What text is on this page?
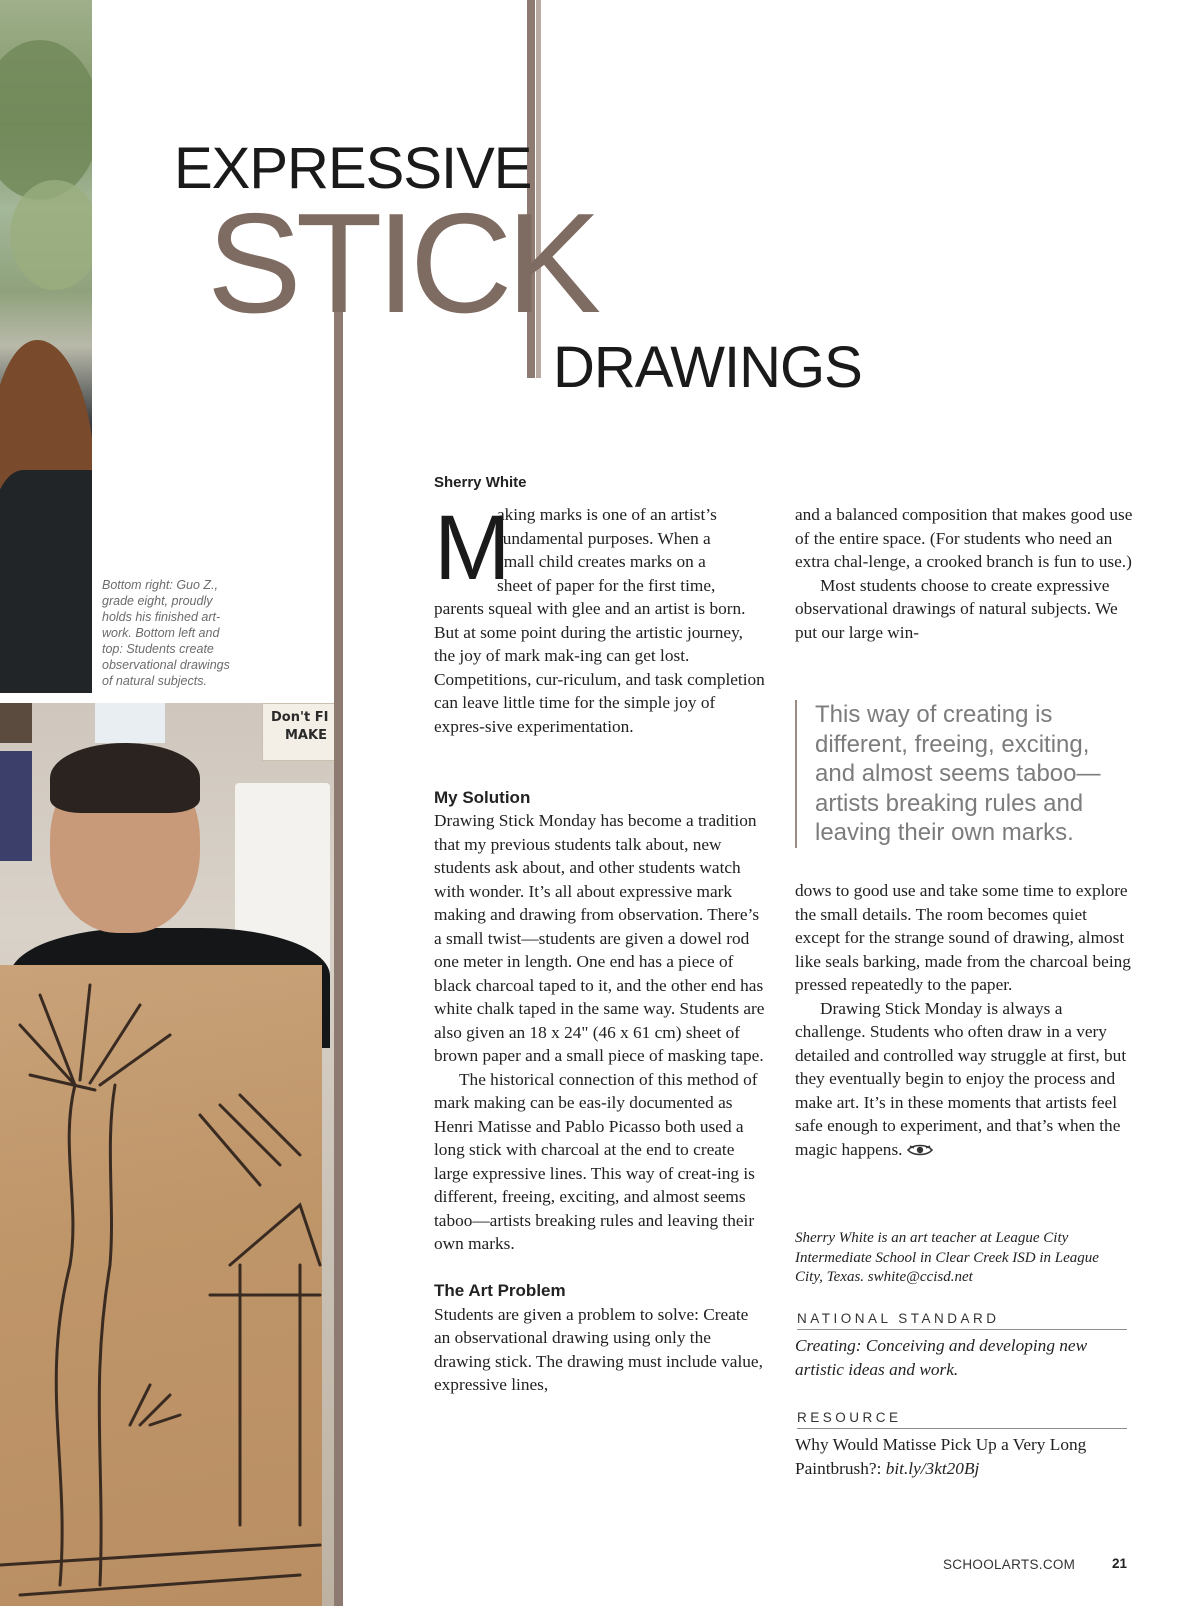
Don't FI
MAKE
EXPRESSIVE
STICK
DRAWINGS
Bottom right: Guo Z., grade eight, proudly holds his finished art-work. Bottom left and top: Students create observational drawings of natural subjects.
Sherry White
M

aking marks is one of an artist’s

fundamental purposes. When a

small child creates marks on a

sheet of paper for the first time,

parents squeal with glee and an artist is born. But at some point during the artistic journey, the joy of mark mak-ing can get lost. Competitions, cur-riculum, and task completion can leave little time for the simple joy of expres-sive experimentation.

My Solution

Drawing Stick Monday has become a tradition that my previous students talk about, new students ask about, and other students watch with wonder. It’s all about expressive mark making and drawing from observation. There’s a small twist—students are given a dowel rod one meter in length. One end has a piece of black charcoal taped to it, and the other end has white chalk taped in the same way. Students are also given an 18 x 24" (46 x 61 cm) sheet of brown paper and a small piece of masking tape.

The historical connection of this method of mark making can be eas-ily documented as Henri Matisse and Pablo Picasso both used a long stick with charcoal at the end to create large expressive lines. This way of creat-ing is different, freeing, exciting, and almost seems taboo—artists breaking rules and leaving their own marks.

The Art Problem

Students are given a problem to solve: Create an observational drawing using only the drawing stick. The drawing must include value, expressive lines,

and a balanced composition that makes good use of the entire space. (For students who need an extra chal-lenge, a crooked branch is fun to use.)

Most students choose to create expressive observational drawings of natural subjects. We put our large win-

This way of creating is different, freeing, exciting, and almost seems taboo—artists breaking rules and leaving their own marks.

dows to good use and take some time to explore the small details. The room becomes quiet except for the strange sound of drawing, almost like seals barking, made from the charcoal being pressed repeatedly to the paper.

Drawing Stick Monday is always a challenge. Students who often draw in a very detailed and controlled way struggle at first, but they eventually begin to enjoy the process and make art. It’s in these moments that artists feel safe enough to experiment, and that’s when the magic happens.

Sherry White is an art teacher at League City Intermediate School in Clear Creek ISD in League City, Texas. swhite@ccisd.net
NATIONAL STANDARD
Creating: Conceiving and developing new artistic ideas and work.
RESOURCE
Why Would Matisse Pick Up a Very Long Paintbrush?: bit.ly/3kt20Bj
SCHOOLARTS.COM	21
